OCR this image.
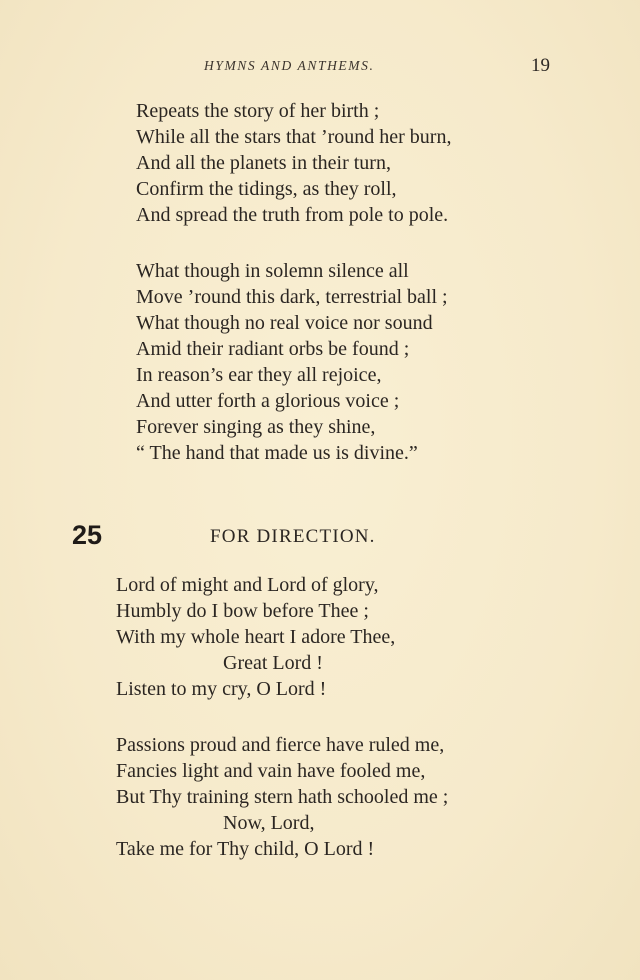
HYMNS AND ANTHEMS.	19
Repeats the story of her birth ;
While all the stars that ’round her burn,
And all the planets in their turn,
Confirm the tidings, as they roll,
And spread the truth from pole to pole.
What though in solemn silence all
Move ’round this dark, terrestrial ball ;
What though no real voice nor sound
Amid their radiant orbs be found ;
In reason’s ear they all rejoice,
And utter forth a glorious voice ;
Forever singing as they shine,
“ The hand that made us is divine.”
25	FOR DIRECTION.
Lord of might and Lord of glory,
Humbly do I bow before Thee ;
With my whole heart I adore Thee,
Great Lord !
Listen to my cry, O Lord !
Passions proud and fierce have ruled me,
Fancies light and vain have fooled me,
But Thy training stern hath schooled me ;
Now, Lord,
Take me for Thy child, O Lord !
